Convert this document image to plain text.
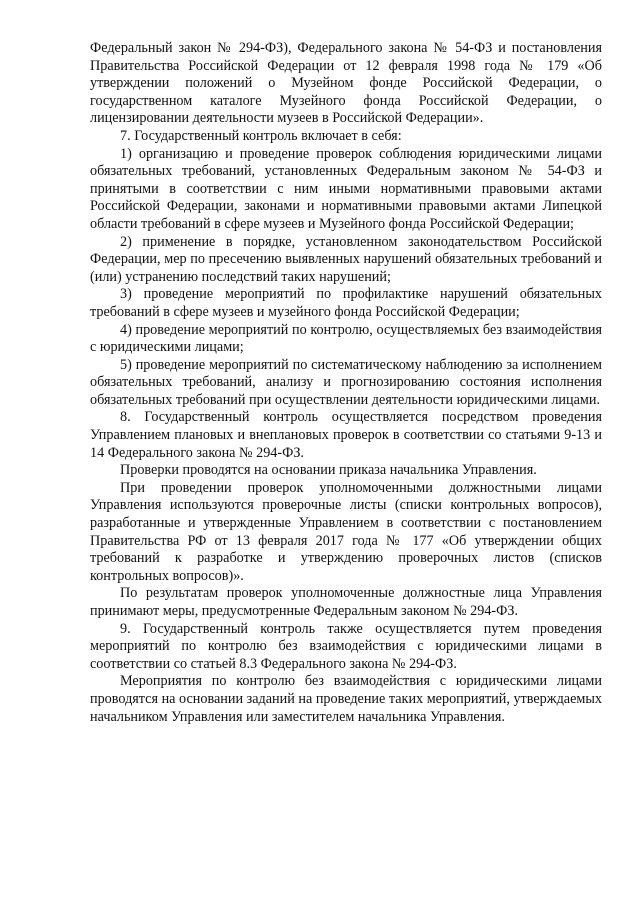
Федеральный закон № 294-ФЗ), Федерального закона № 54-ФЗ и постановления Правительства Российской Федерации от 12 февраля 1998 года № 179 «Об утверждении положений о Музейном фонде Российской Федерации, о государственном каталоге Музейного фонда Российской Федерации, о лицензировании деятельности музеев в Российской Федерации».

7. Государственный контроль включает в себя:

1) организацию и проведение проверок соблюдения юридическими лицами обязательных требований, установленных Федеральным законом № 54-ФЗ и принятыми в соответствии с ним иными нормативными правовыми актами Российской Федерации, законами и нормативными правовыми актами Липецкой области требований в сфере музеев и Музейного фонда Российской Федерации;

2) применение в порядке, установленном законодательством Российской Федерации, мер по пресечению выявленных нарушений обязательных требований и (или) устранению последствий таких нарушений;

3) проведение мероприятий по профилактике нарушений обязательных требований в сфере музеев и музейного фонда Российской Федерации;

4) проведение мероприятий по контролю, осуществляемых без взаимодействия с юридическими лицами;

5) проведение мероприятий по систематическому наблюдению за исполнением обязательных требований, анализу и прогнозированию состояния исполнения обязательных требований при осуществлении деятельности юридическими лицами.

8. Государственный контроль осуществляется посредством проведения Управлением плановых и внеплановых проверок в соответствии со статьями 9-13 и 14 Федерального закона № 294-ФЗ.

Проверки проводятся на основании приказа начальника Управления.

При проведении проверок уполномоченными должностными лицами Управления используются проверочные листы (списки контрольных вопросов), разработанные и утвержденные Управлением в соответствии с постановлением Правительства РФ от 13 февраля 2017 года № 177 «Об утверждении общих требований к разработке и утверждению проверочных листов (списков контрольных вопросов)».

По результатам проверок уполномоченные должностные лица Управления принимают меры, предусмотренные Федеральным законом № 294-ФЗ.

9. Государственный контроль также осуществляется путем проведения мероприятий по контролю без взаимодействия с юридическими лицами в соответствии со статьей 8.3 Федерального закона № 294-ФЗ.

Мероприятия по контролю без взаимодействия с юридическими лицами проводятся на основании заданий на проведение таких мероприятий, утверждаемых начальником Управления или заместителем начальника Управления.
